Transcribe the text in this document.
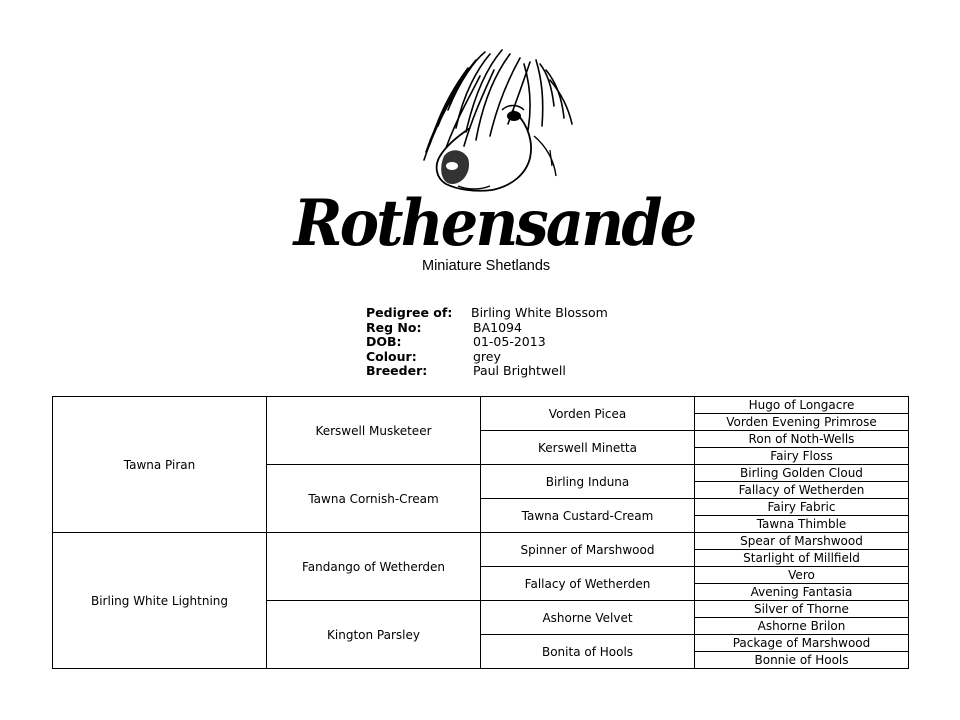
Rothensande
Miniature Shetlands
Pedigree of:	Birling White Blossom
Reg No:	BA1094
DOB:	01-05-2013
Colour:	grey
Breeder:	Paul Brightwell
Tawna Piran	Kerswell Musketeer	Vorden Picea	Hugo of Longacre
			Vorden Evening Primrose
		Kerswell Minetta	Ron of Noth-Wells
			Fairy Floss
	Tawna Cornish-Cream	Birling Induna	Birling Golden Cloud
			Fallacy of Wetherden
		Tawna Custard-Cream	Fairy Fabric
			Tawna Thimble
Birling White Lightning	Fandango of Wetherden	Spinner of Marshwood	Spear of Marshwood
			Starlight of Millfield
		Fallacy of Wetherden	Vero
			Avening Fantasia
	Kington Parsley	Ashorne Velvet	Silver of Thorne
			Ashorne Brilon
		Bonita of Hools	Package of Marshwood
			Bonnie of Hools
